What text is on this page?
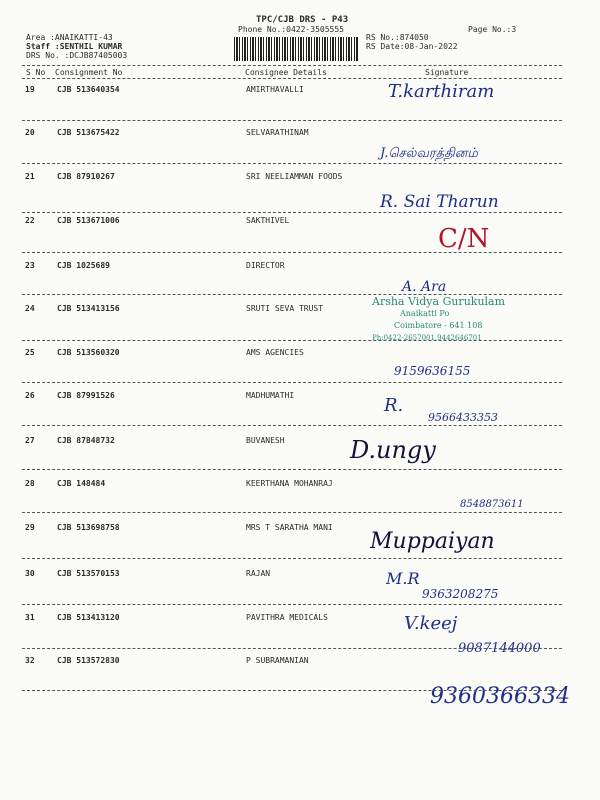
TPC/CJB DRS - P43
Phone No.:0422-3505555
Area :ANAIKATTI-43
Staff :SENTHIL KUMAR
DRS No. :DCJB87405003
RS No.:874050
RS Date:08-Jan-2022
Page No.:3
S No Consignment No	Consignee Details	Signature
19	CJB 513640354	AMIRTHAVALLI	T.karthiram
20	CJB 513675422	SELVARATHINAM
J.செல்வரத்தினம்
21	CJB 87910267	SRI NEELIAMMAN FOODS
R. Sai Tharun
22	CJB 513671006	SAKTHIVEL
C/N
23	CJB 1025689	DIRECTOR
A. Ara
24	CJB 513413156	SRUTI SEVA TRUST
Arsha Vidya Gurukulam
Anaikatti Po
Coimbatore - 641 108
Ph:0422-2657001,9442646701
25	CJB 513560320	AMS AGENCIES
9159636155
26	CJB 87991526	MADHUMATHI	R.
9566433353
27	CJB 87848732	BUVANESH	D.ungy
28	CJB 148484	KEERTHANA MOHANRAJ
8548873611
29	CJB 513698758	MRS T SARATHA MANI
Muppaiyan
30	CJB 513570153	RAJAN	M.R
9363208275
31	CJB 513413120	PAVITHRA MEDICALS	V.keej
9087144000
32	CJB 513572830	P SUBRAMANIAN
9360366334
